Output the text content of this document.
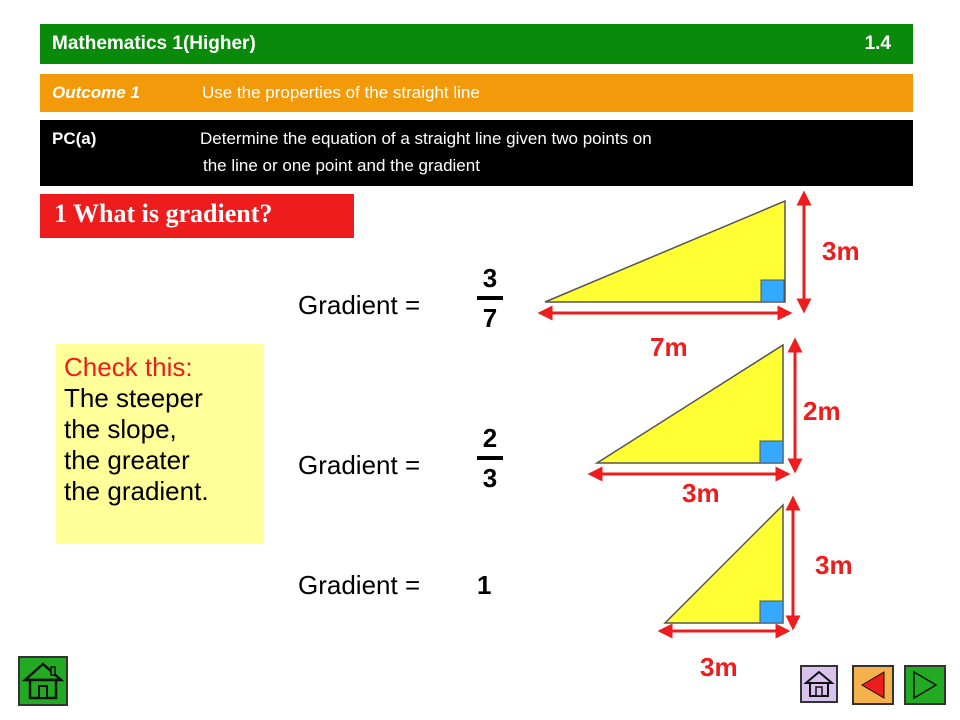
Mathematics 1(Higher)	1.4
Outcome 1	Use the properties of the straight line
PC(a)	Determine the equation of a straight line given two points on
the line or one point and the gradient
1 What is gradient?
Check this:
The steeper
the slope,
the greater
the gradient.
Gradient =
3
7
Gradient =
2
3
Gradient = 1
3m
7m
2m
3m
3m
3m
